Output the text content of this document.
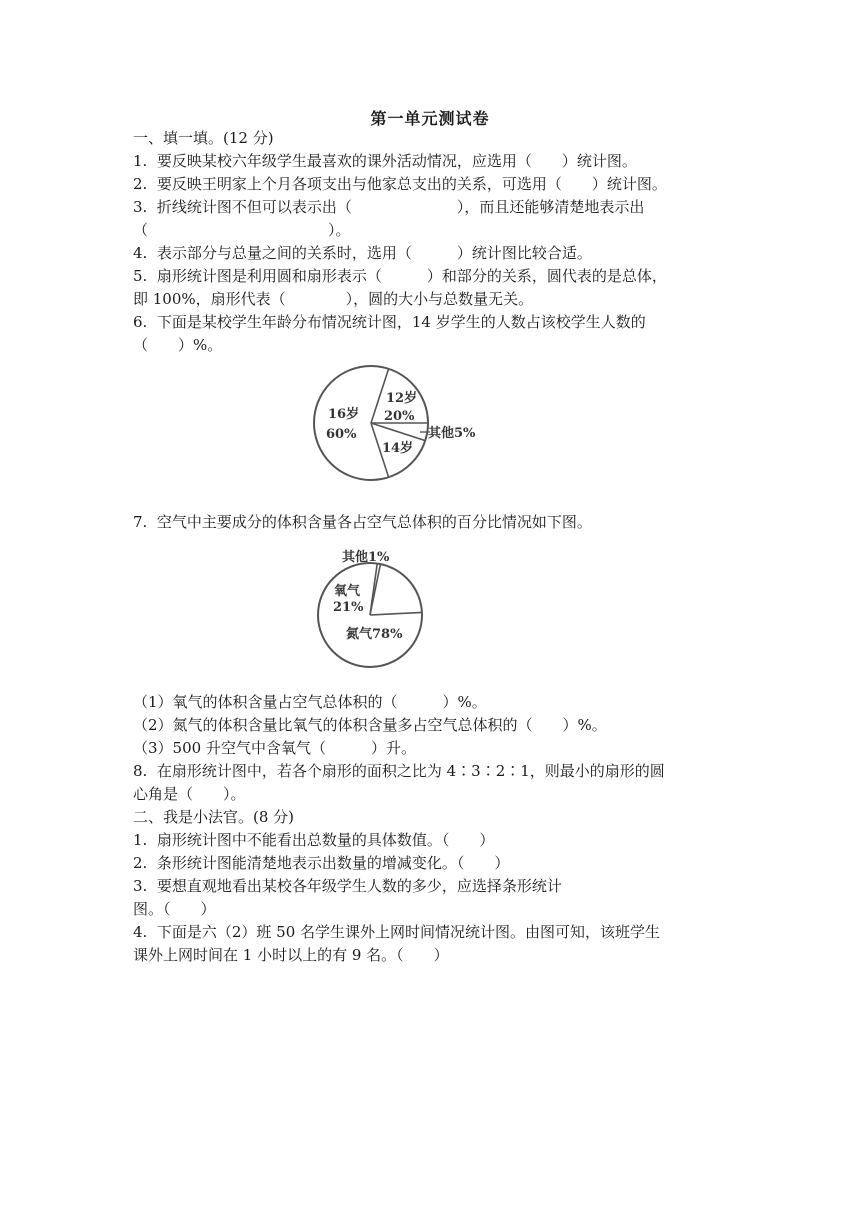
第一单元测试卷
一、填一填。(12 分)
1.  要反映某校六年级学生最喜欢的课外活动情况，应选用（　　）统计图。
2.  要反映王明家上个月各项支出与他家总支出的关系，可选用（　　）统计图。
3.  折线统计图不但可以表示出（　　　　　　　），而且还能够清楚地表示出
（　　　　　　　　　　　　）。
4.  表示部分与总量之间的关系时，选用（　　　）统计图比较合适。
5.  扇形统计图是利用圆和扇形表示（　　　）和部分的关系，圆代表的是总体，
即 100%，扇形代表（　　　　），圆的大小与总数量无关。
6.  下面是某校学生年龄分布情况统计图，14 岁学生的人数占该校学生人数的
（　　）%。
16岁
60%
12岁
20%
14岁
其他5%
7.  空气中主要成分的体积含量各占空气总体积的百分比情况如下图。
其他1%
氧气
21%
氮气78%
（1）氧气的体积含量占空气总体积的（　　　）%。
（2）氮气的体积含量比氧气的体积含量多占空气总体积的（　　）%。
（3）500 升空气中含氧气（　　　）升。
8.  在扇形统计图中，若各个扇形的面积之比为 4∶3∶2∶1，则最小的扇形的圆
心角是（　　）。
二、我是小法官。(8 分)
1.  扇形统计图中不能看出总数量的具体数值。（　　）
2.  条形统计图能清楚地表示出数量的增减变化。（　　）
3.  要想直观地看出某校各年级学生人数的多少，应选择条形统计
图。（　　）
4.  下面是六（2）班 50 名学生课外上网时间情况统计图。由图可知，该班学生
课外上网时间在 1 小时以上的有 9 名。（　　）
